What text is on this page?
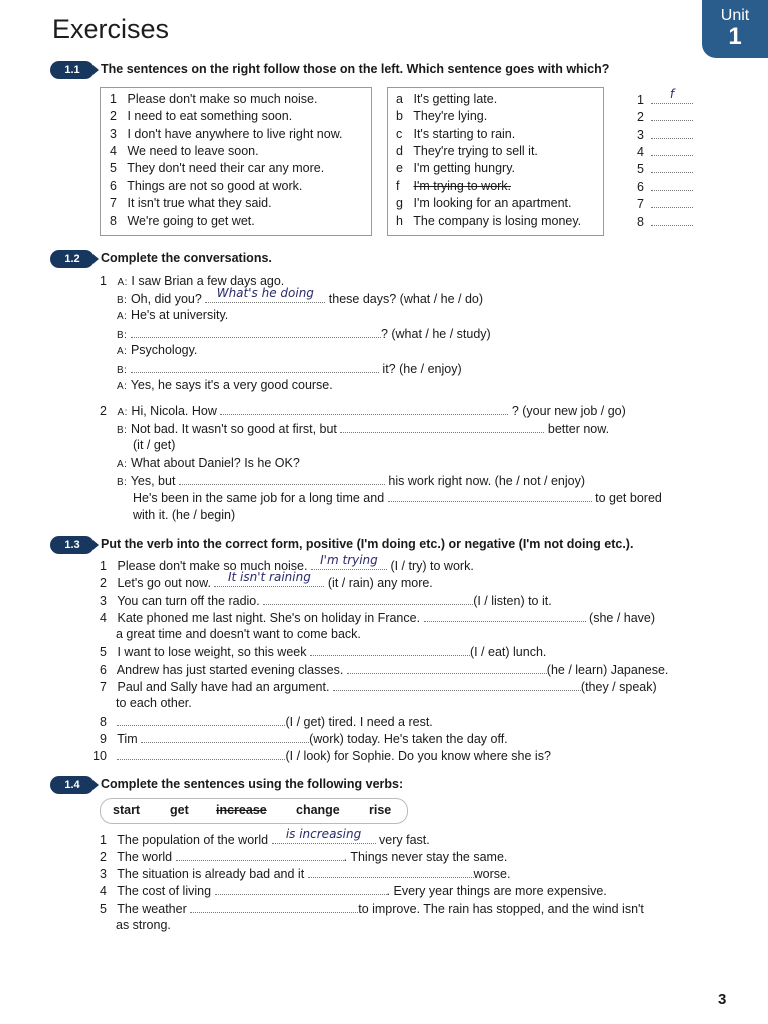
Exercises	Unit
1
1.1	The sentences on the right follow those on the left. Which sentence goes with which?
1 Please don't make so much noise.
2 I need to eat something soon.
3 I don't have anywhere to live right now.
4 We need to leave soon.
5 They don't need their car any more.
6 Things are not so good at work.
7 It isn't true what they said.
8 We're going to get wet.
a It's getting late.
b They're lying.
c It's starting to rain.
d They're trying to sell it.
e I'm getting hungry.
f I'm trying to work.
g I'm looking for an apartment.
h The company is losing money.
1	f
2
3
4
5
6
7
8
1.2	Complete the conversations.
1 A: I saw Brian a few days ago.
B: Oh, did you?	What's he doing	these days? (what / he / do)
A: He's at university.
B:	? (what / he / study)
A: Psychology.
B:	it? (he / enjoy)
A: Yes, he says it's a very good course.
2 A: Hi, Nicola. How	? (your new job / go)
B: Not bad. It wasn't so good at first, but	better now.
(it / get)
A: What about Daniel? Is he OK?
B: Yes, but	his work right now. (he / not / enjoy)
He's been in the same job for a long time and	to get bored
with it. (he / begin)
1.3	Put the verb into the correct form, positive (I'm doing etc.) or negative (I'm not doing etc.).
1 Please don't make so much noise.	I'm trying	(I / try) to work.
2 Let's go out now.	It isn't raining	(it / rain) any more.
3 You can turn off the radio.	(I / listen) to it.
4 Kate phoned me last night. She's on holiday in France.	(she / have)
a great time and doesn't want to come back.
5 I want to lose weight, so this week	(I / eat) lunch.
6 Andrew has just started evening classes.	(he / learn) Japanese.
7 Paul and Sally have had an argument.	(they / speak)
to each other.
8	(I / get) tired. I need a rest.
9 Tim	(work) today. He's taken the day off.
10	(I / look) for Sophie. Do you know where she is?
1.4	Complete the sentences using the following verbs:
start get increase change rise
1 The population of the world	is increasing	very fast.
2 The world	. Things never stay the same.
3 The situation is already bad and it	worse.
4 The cost of living	. Every year things are more expensive.
5 The weather	to improve. The rain has stopped, and the wind isn't
as strong.
3
